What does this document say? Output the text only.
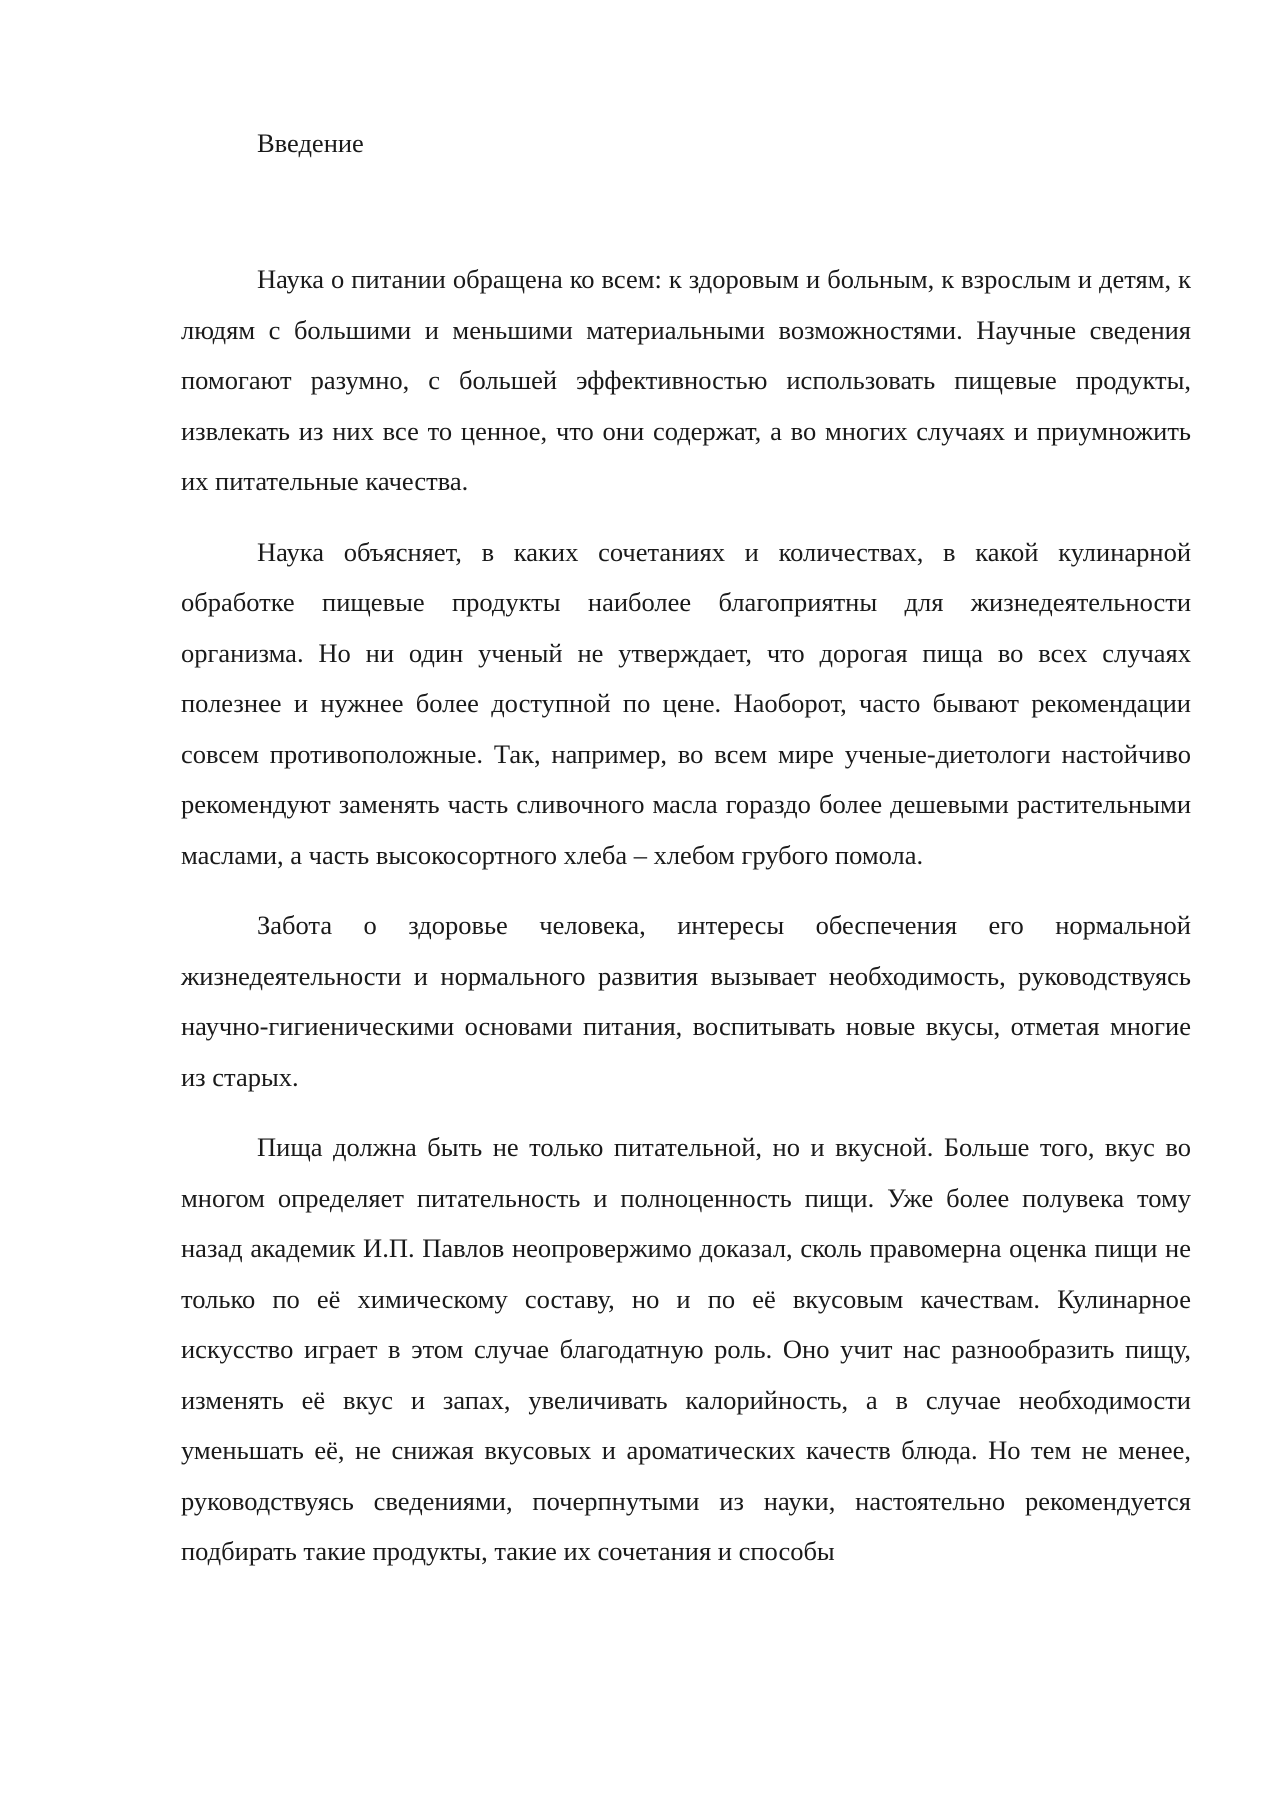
Введение

Наука о питании обращена ко всем: к здоровым и больным, к взрослым и детям, к людям с большими и меньшими материальными возможностями. Научные сведения помогают разумно, с большей эффективностью использовать пищевые продукты, извлекать из них все то ценное, что они содержат, а во многих случаях и приумножить их питательные качества.

Наука объясняет, в каких сочетаниях и количествах, в какой кулинарной обработке пищевые продукты наиболее благоприятны для жизнедеятельности организма. Но ни один ученый не утверждает, что дорогая пища во всех случаях полезнее и нужнее более доступной по цене. Наоборот, часто бывают рекомендации совсем противоположные. Так, например, во всем мире ученые-диетологи настойчиво рекомендуют заменять часть сливочного масла гораздо более дешевыми растительными маслами, а часть высокосортного хлеба – хлебом грубого помола.

Забота о здоровье человека, интересы обеспечения его нормальной жизнедеятельности и нормального развития вызывает необходимость, руководствуясь научно-гигиеническими основами питания, воспитывать новые вкусы, отметая многие из старых.

Пища должна быть не только питательной, но и вкусной. Больше того, вкус во многом определяет питательность и полноценность пищи. Уже более полувека тому назад академик И.П. Павлов неопровержимо доказал, сколь правомерна оценка пищи не только по её химическому составу, но и по её вкусовым качествам. Кулинарное искусство играет в этом случае благодатную роль. Оно учит нас разнообразить пищу, изменять её вкус и запах, увеличивать калорийность, а в случае необходимости уменьшать её, не снижая вкусовых и ароматических качеств блюда. Но тем не менее, руководствуясь сведениями, почерпнутыми из науки, настоятельно рекомендуется подбирать такие продукты, такие их сочетания и способы
